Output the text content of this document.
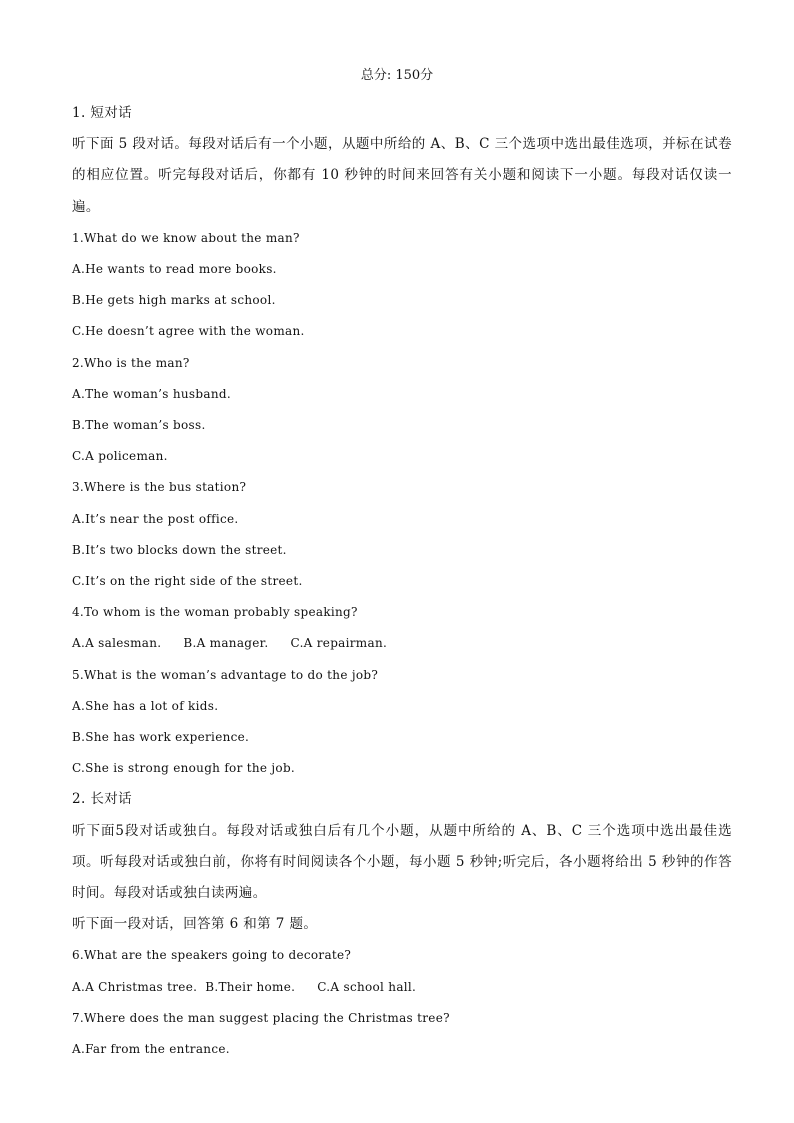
总分: 150分
1. 短对话
听下面 5 段对话。每段对话后有一个小题，从题中所给的 A、B、C 三个选项中选出最佳选项，并标在试卷的相应位置。听完每段对话后，你都有 10 秒钟的时间来回答有关小题和阅读下一小题。每段对话仅读一遍。
1.What do we know about the man?
A.He wants to read more books.
B.He gets high marks at school.
C.He doesn’t agree with the woman.
2.Who is the man?
A.The woman’s husband.
B.The woman’s boss.
C.A policeman.
3.Where is the bus station?
A.It’s near the post office.
B.It’s two blocks down the street.
C.It’s on the right side of the street.
4.To whom is the woman probably speaking?
A.A salesman. B.A manager. C.A repairman.
5.What is the woman’s advantage to do the job?
A.She has a lot of kids.
B.She has work experience.
C.She is strong enough for the job.
2. 长对话
听下面5段对话或独白。每段对话或独白后有几个小题，从题中所给的 A、B、C 三个选项中选出最佳选项。听每段对话或独白前，你将有时间阅读各个小题，每小题 5 秒钟;听完后，各小题将给出 5 秒钟的作答时间。每段对话或独白读两遍。
听下面一段对话，回答第 6 和第 7 题。
6.What are the speakers going to decorate?
A.A Christmas tree. B.Their home. C.A school hall.
7.Where does the man suggest placing the Christmas tree?
A.Far from the entrance.
